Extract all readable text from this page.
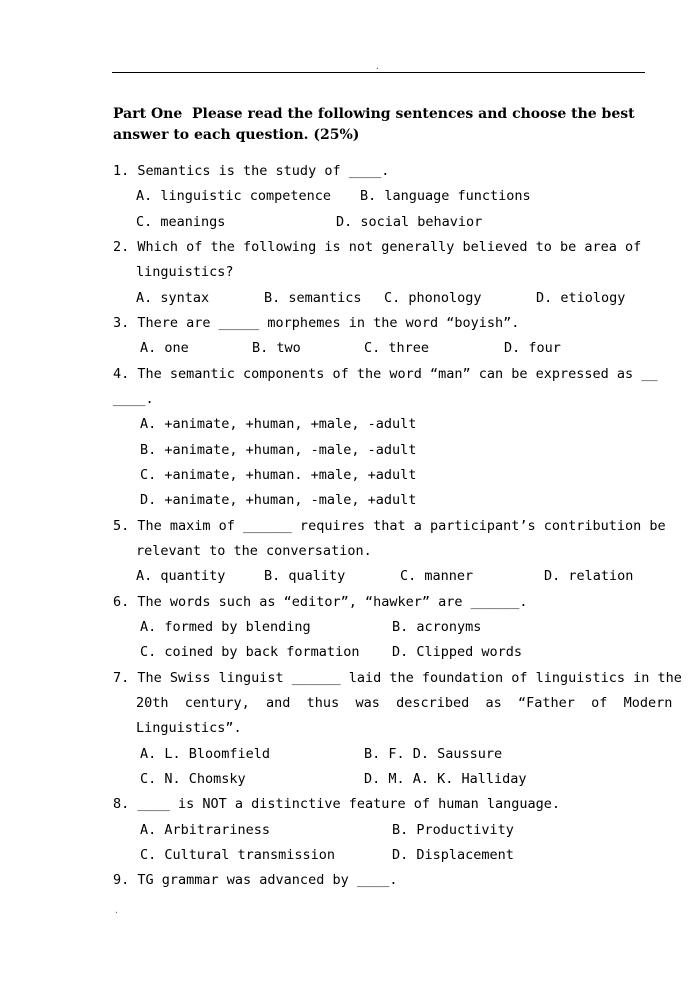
.
Part One  Please read the following sentences and choose the best
answer to each question. (25%)
1. Semantics is the study of ____.
A. linguistic competence B. language functions
C. meanings	D. social behavior
2. Which of the following is not generally believed to be area of
linguistics?
A. syntax	B. semantics C. phonology	D. etiology
3. There are _____ morphemes in the word “boyish”.
A. one	B. two	C. three	D. four
4. The semantic components of the word “man” can be expressed as __
____.
A. +animate, +human, +male, -adult
B. +animate, +human, -male, -adult
C. +animate, +human. +male, +adult
D. +animate, +human, -male, +adult
5. The maxim of ______ requires that a participant’s contribution be
relevant to the conversation.
A. quantity	B. quality	C. manner	D. relation
6. The words such as “editor”, “hawker” are ______.
A. formed by blending	B. acronyms
C. coined by back formation D. Clipped words
7. The Swiss linguist ______ laid the foundation of linguistics in the
20th  century,  and  thus  was  described  as  “Father  of  Modern
Linguistics”.
A. L. Bloomfield	B. F. D. Saussure
C. N. Chomsky	D. M. A. K. Halliday
8. ____ is NOT a distinctive feature of human language.
A. Arbitrariness	B. Productivity
C. Cultural transmission	D. Displacement
9. TG grammar was advanced by ____.
.
